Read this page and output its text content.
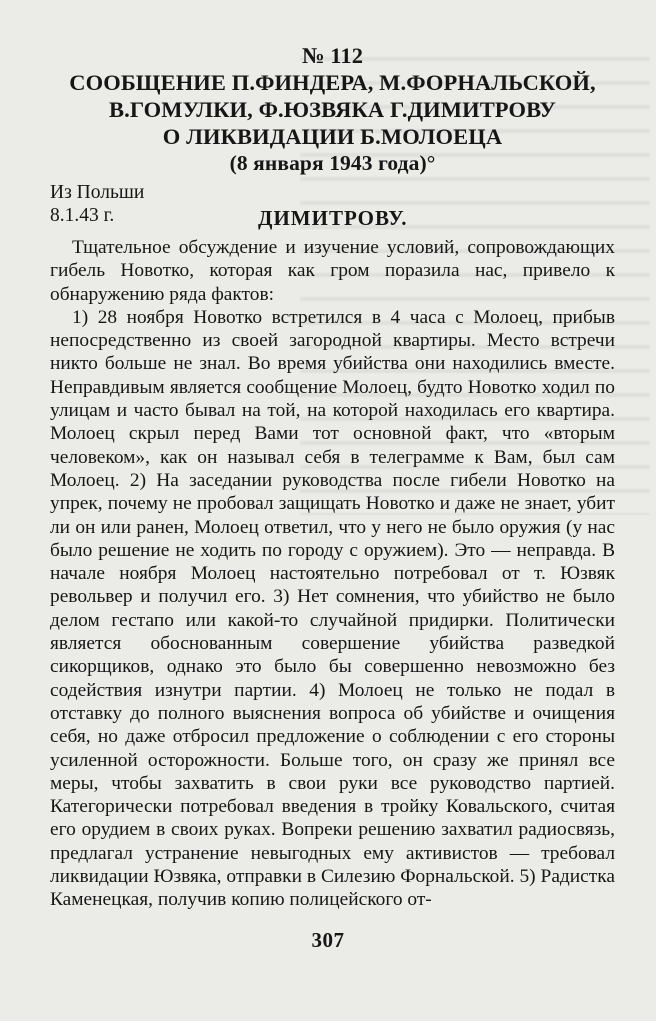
№ 112
СООБЩЕНИЕ П.ФИНДЕРА, М.ФОРНАЛЬСКОЙ,
В.ГОМУЛКИ, Ф.ЮЗВЯКА Г.ДИМИТРОВУ
О ЛИКВИДАЦИИ Б.МОЛОЕЦА
(8 января 1943 года)°
Из Польши
8.1.43 г.	ДИМИТРОВУ.

Тщательное обсуждение и изучение условий, сопровождающих гибель Новотко, которая как гром поразила нас, привело к обнаружению ряда фактов:

1) 28 ноября Новотко встретился в 4 часа с Молоец, прибыв непосредственно из своей загородной квартиры. Место встречи никто больше не знал. Во время убийства они находились вместе. Неправдивым является сообщение Молоец, будто Новотко ходил по улицам и часто бывал на той, на которой находилась его квартира. Молоец скрыл перед Вами тот основной факт, что «вторым человеком», как он называл себя в телеграмме к Вам, был сам Молоец. 2) На заседании руководства после гибели Новотко на упрек, почему не пробовал защищать Новотко и даже не знает, убит ли он или ранен, Молоец ответил, что у него не было оружия (у нас было решение не ходить по городу с оружием). Это — неправда. В начале ноября Молоец настоятельно потребовал от т. Юзвяк револьвер и получил его. 3) Нет сомнения, что убийство не было делом гестапо или какой-то случайной придирки. Политически является обоснованным совершение убийства разведкой сикорщиков, однако это было бы совершенно невозможно без содействия изнутри партии. 4) Молоец не только не подал в отставку до полного выяснения вопроса об убийстве и очищения себя, но даже отбросил предложение о соблюдении с его стороны усиленной осторожности. Больше того, он сразу же принял все меры, чтобы захватить в свои руки все руководство партией. Категорически потребовал введения в тройку Ковальского, считая его орудием в своих руках. Вопреки решению захватил радиосвязь, предлагал устранение невыгодных ему активистов — требовал ликвидации Юзвяка, отправки в Силезию Форнальской. 5) Радистка Каменецкая, получив копию полицейского от-

307
